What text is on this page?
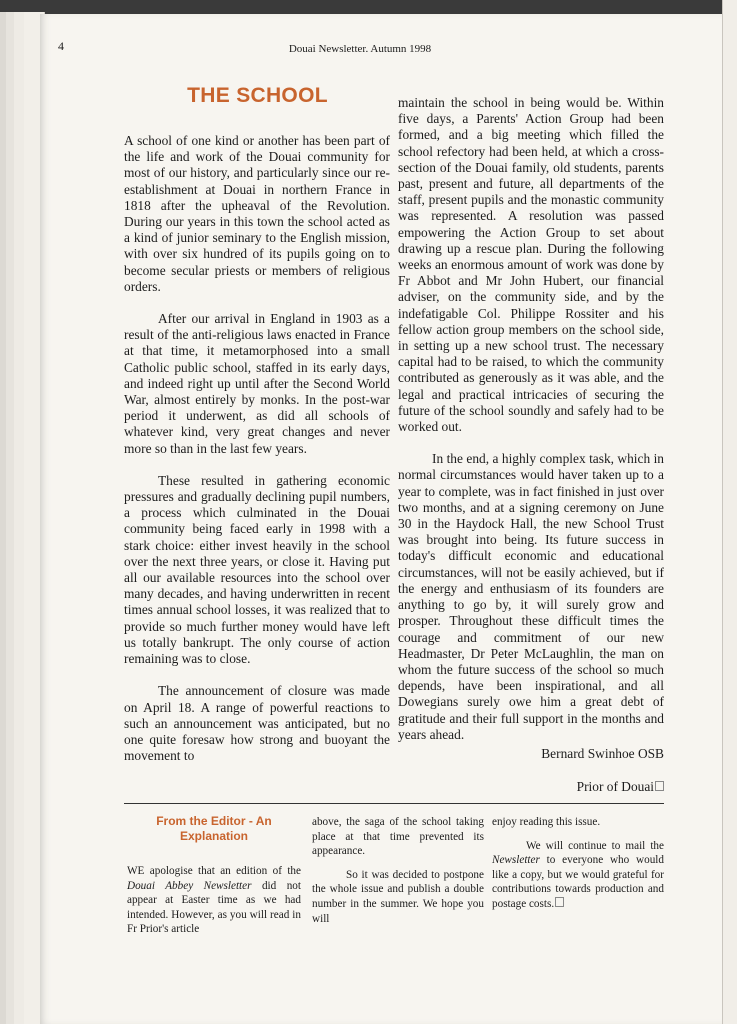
4	Douai Newsletter. Autumn 1998
THE SCHOOL

A school of one kind or another has been part of the life and work of the Douai community for most of our history, and particularly since our re-establishment at Douai in northern France in 1818 after the upheaval of the Revolution. During our years in this town the school acted as a kind of junior seminary to the English mission, with over six hundred of its pupils going on to become secular priests or members of religious orders.

After our arrival in England in 1903 as a result of the anti-religious laws enacted in France at that time, it metamorphosed into a small Catholic public school, staffed in its early days, and indeed right up until after the Second World War, almost entirely by monks. In the post-war period it underwent, as did all schools of whatever kind, very great changes and never more so than in the last few years.

These resulted in gathering economic pressures and gradually declining pupil numbers, a process which culminated in the Douai community being faced early in 1998 with a stark choice: either invest heavily in the school over the next three years, or close it. Having put all our available resources into the school over many decades, and having underwritten in recent times annual school losses, it was realized that to provide so much further money would have left us totally bankrupt. The only course of action remaining was to close.

The announcement of closure was made on April 18. A range of powerful reactions to such an announcement was anticipated, but no one quite foresaw how strong and buoyant the movement to

maintain the school in being would be. Within five days, a Parents' Action Group had been formed, and a big meeting which filled the school refectory had been held, at which a cross-section of the Douai family, old students, parents past, present and future, all departments of the staff, present pupils and the monastic community was represented. A resolution was passed empowering the Action Group to set about drawing up a rescue plan. During the following weeks an enormous amount of work was done by Fr Abbot and Mr John Hubert, our financial adviser, on the community side, and by the indefatigable Col. Philippe Rossiter and his fellow action group members on the school side, in setting up a new school trust. The necessary capital had to be raised, to which the community contributed as generously as it was able, and the legal and practical intricacies of securing the future of the school soundly and safely had to be worked out.

In the end, a highly complex task, which in normal circumstances would haver taken up to a year to complete, was in fact finished in just over two months, and at a signing ceremony on June 30 in the Haydock Hall, the new School Trust was brought into being. Its future success in today's difficult economic and educational circumstances, will not be easily achieved, but if the energy and enthusiasm of its founders are anything to go by, it will surely grow and prosper. Throughout these difficult times the courage and commitment of our new Headmaster, Dr Peter McLaughlin, the man on whom the future success of the school so much depends, have been inspirational, and all Dowegians surely owe him a great debt of gratitude and their full support in the months and years ahead.

Bernard Swinhoe OSB

Prior of Douai

From the Editor - An
Explanation

WE apologise that an edition of the Douai Abbey Newsletter did not appear at Easter time as we had intended. However, as you will read in Fr Prior's article

above, the saga of the school taking place at that time prevented its appearance.

So it was decided to postpone the whole issue and publish a double number in the summer. We hope you will

enjoy reading this issue.

We will continue to mail the Newsletter to everyone who would like a copy, but we would grateful for contributions towards production and postage costs.
